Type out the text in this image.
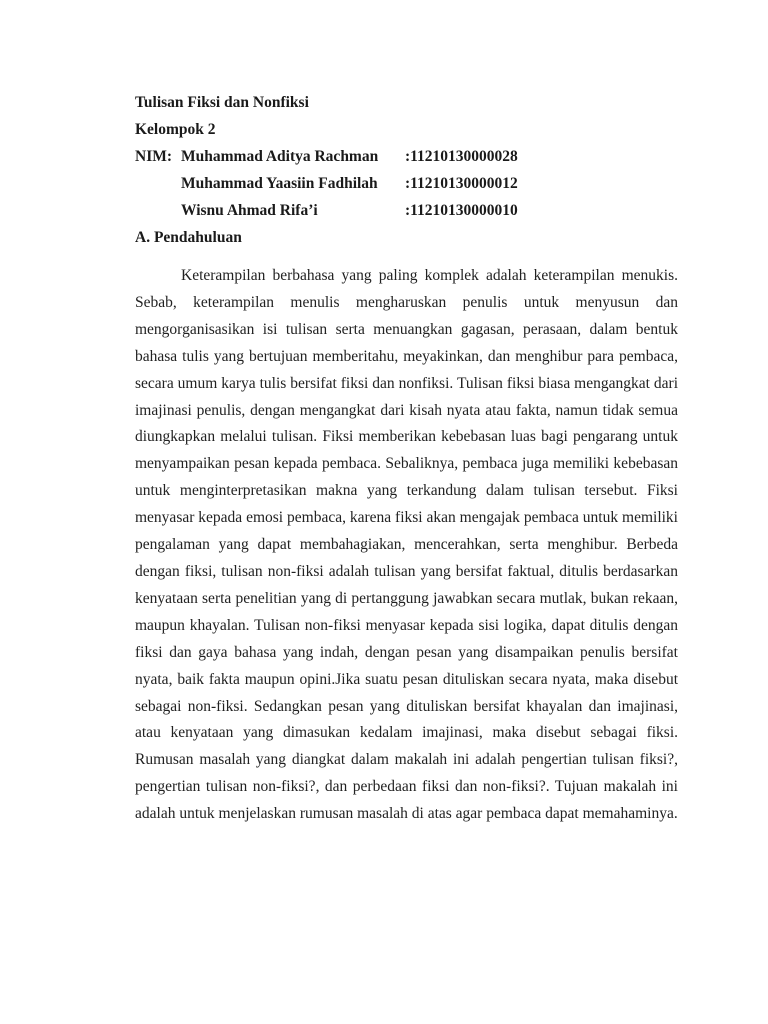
Tulisan Fiksi dan Nonfiksi
Kelompok 2
NIM: Muhammad Aditya Rachman :11210130000028
Muhammad Yaasiin Fadhilah :11210130000012
Wisnu Ahmad Rifa’i	:11210130000010
A. Pendahuluan

Keterampilan berbahasa yang paling komplek adalah keterampilan menukis. Sebab, keterampilan menulis mengharuskan penulis untuk menyusun dan mengorganisasikan isi tulisan serta menuangkan gagasan, perasaan, dalam bentuk bahasa tulis yang bertujuan memberitahu, meyakinkan, dan menghibur para pembaca, secara umum karya tulis bersifat fiksi dan nonfiksi. Tulisan fiksi biasa mengangkat dari imajinasi penulis, dengan mengangkat dari kisah nyata atau fakta, namun tidak semua diungkapkan melalui tulisan. Fiksi memberikan kebebasan luas bagi pengarang untuk menyampaikan pesan kepada pembaca. Sebaliknya, pembaca juga memiliki kebebasan untuk menginterpretasikan makna yang terkandung dalam tulisan tersebut. Fiksi menyasar kepada emosi pembaca, karena fiksi akan mengajak pembaca untuk memiliki pengalaman yang dapat membahagiakan, mencerahkan, serta menghibur. Berbeda dengan fiksi, tulisan non-fiksi adalah tulisan yang bersifat faktual, ditulis berdasarkan kenyataan serta penelitian yang di pertanggung jawabkan secara mutlak, bukan rekaan, maupun khayalan. Tulisan non-fiksi menyasar kepada sisi logika, dapat ditulis dengan fiksi dan gaya bahasa yang indah, dengan pesan yang disampaikan penulis bersifat nyata, baik fakta maupun opini.Jika suatu pesan dituliskan secara nyata, maka disebut sebagai non-fiksi. Sedangkan pesan yang dituliskan bersifat khayalan dan imajinasi, atau kenyataan yang dimasukan kedalam imajinasi, maka disebut sebagai fiksi. Rumusan masalah yang diangkat dalam makalah ini adalah pengertian tulisan fiksi?, pengertian tulisan non-fiksi?, dan perbedaan fiksi dan non-fiksi?. Tujuan makalah ini adalah untuk menjelaskan rumusan masalah di atas agar pembaca dapat memahaminya.
